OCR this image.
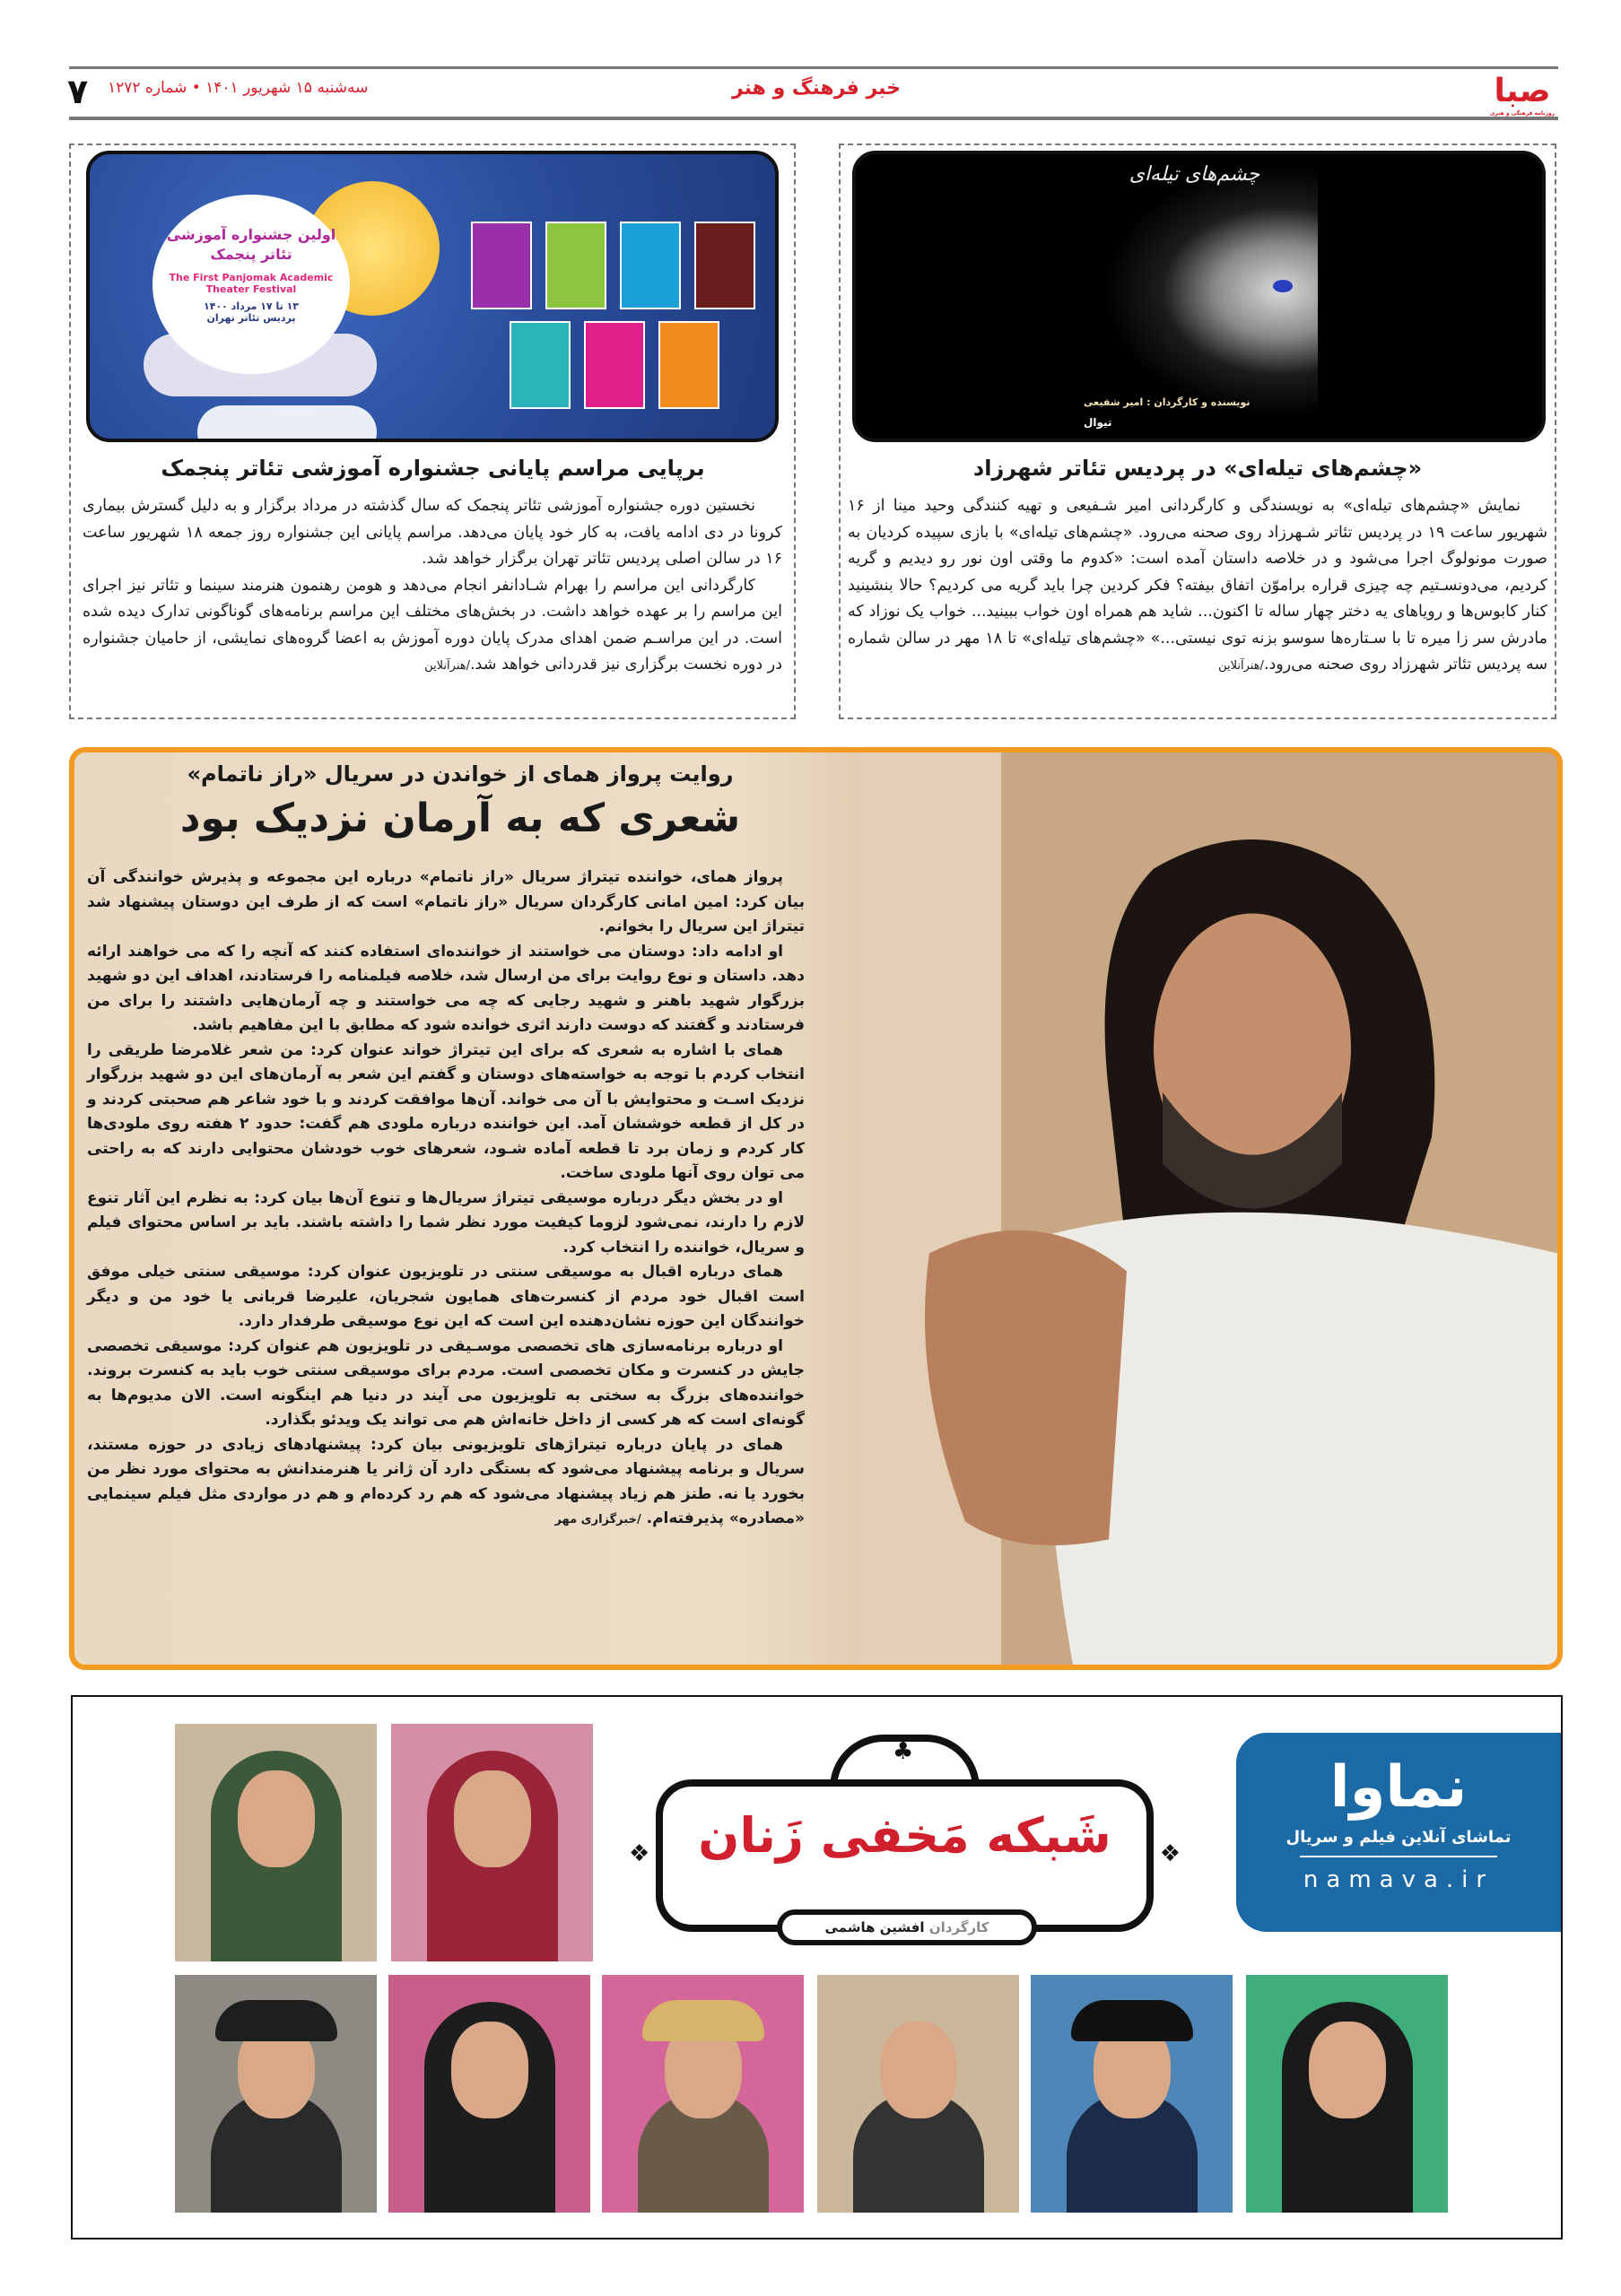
صبا
روزنامه فرهنگی و هنری
خبر فرهنگ و هنر
سه‌شنبه ۱۵ شهریور ۱۴۰۱ • شماره ۱۲۷۲
۷
چشم‌های تیله‌ای
نویسنده و کارگردان : امیر شفیعی
تیوال
«چشم‌های تیله‌ای» در پردیس تئاتر شهرزاد

نمایش «چشم‌های تیله‌ای» به نویسندگی و کارگردانی امیر شـفیعی و تهیه کنندگی وحید مینا از ۱۶ شهریور ساعت ۱۹ در پردیس تئاتر شـهرزاد روی صحنه می‌رود. «چشم‌های تیله‌ای» با بازی سپیده کردیان به صورت مونولوگ اجرا می‌شود و در خلاصه داستان آمده است: «کدوم ما وقتی اون نور رو دیدیم و گریه کردیم، می‌دونسـتیم چه چیزی قراره براموّن اتفاق بیفته؟ فکر کردین چرا باید گریه می کردیم؟ حالا بنشینید کنار کابوس‌ها و رویاهای یه دختر چهار ساله تا اکنون... شاید هم همراه اون خواب ببینید... خواب یک نوزاد که مادرش سر زا میره تا با سـتاره‌ها سوسو بزنه توی نیستی...» «چشم‌های تیله‌ای» تا ۱۸ مهر در سالن شماره سه پردیس تئاتر شهرزاد روی صحنه می‌رود./هنرآنلاین

اولین جشنواره آموزشی تئاتر پنجمک
The First Panjomak Academic Theater Festival
۱۳ تا ۱۷ مرداد ۱۴۰۰
پردیس تئاتر تهران
برپایی مراسم پایانی جشنواره آموزشی تئاتر پنجمک

نخستین دوره جشنواره آموزشی تئاتر پنجمک که سال گذشته در مرداد برگزار و به دلیل گسترش بیماری کرونا در دی ادامه یافت، به کار خود پایان می‌دهد. مراسم پایانی این جشنواره روز جمعه ۱۸ شهریور ساعت ۱۶ در سالن اصلی پردیس تئاتر تهران برگزار خواهد شد.

کارگردانی این مراسم را بهرام شـادانفر انجام می‌دهد و هومن رهنمون هنرمند سینما و تئاتر نیز اجرای این مراسم را بر عهده خواهد داشت. در بخش‌های مختلف این مراسم برنامه‌های گوناگونی تدارک دیده شده است. در این مراسـم ضمن اهدای مدرک پایان دوره آموزش به اعضا گروه‌های نمایشی، از حامیان جشنواره در دوره نخست برگزاری نیز قدردانی خواهد شد./هنرآنلاین

روایت پرواز همای از خواندن در سریال «راز ناتمام»
شعری که به آرمان نزدیک بود

پرواز همای، خواننده تیتراژ سریال «راز ناتمام» درباره این مجموعه و پذیرش خوانندگی آن بیان کرد: امین امانی کارگردان سریال «راز ناتمام» است که از طرف این دوستان پیشنهاد شد تیتراژ این سریال را بخوانم.

او ادامه داد: دوستان می خواستند از خواننده‌ای استفاده کنند که آنچه را که می خواهند ارائه دهد. داستان و نوع روایت برای من ارسال شد، خلاصه فیلمنامه را فرستادند، اهداف این دو شهید بزرگوار شهید باهنر و شهید رجایی که چه می خواستند و چه آرمان‌هایی داشتند را برای من فرستادند و گفتند که دوست دارند اثری خوانده شود که مطابق با این مفاهیم باشد.

همای با اشاره به شعری که برای این تیتراژ خواند عنوان کرد: من شعر غلامرضا طریقی را انتخاب کردم با توجه به خواسته‌های دوستان و گفتم این شعر به آرمان‌های این دو شهید بزرگوار نزدیک اسـت و محتوایش با آن می خواند. آن‌ها موافقت کردند و با خود شاعر هم صحبتی کردند و در کل از قطعه خوششان آمد. این خواننده درباره ملودی هم گفت: حدود ۲ هفته روی ملودی‌ها کار کردم و زمان برد تا قطعه آماده شـود، شعرهای خوب خودشان محتوایی دارند که به راحتی می توان روی آنها ملودی ساخت.

او در بخش دیگر درباره موسیقی تیتراژ سریال‌ها و تنوع آن‌ها بیان کرد: به نظرم این آثار تنوع لازم را دارند، نمی‌شود لزوما کیفیت مورد نظر شما را داشته باشند. باید بر اساس محتوای فیلم و سریال، خواننده را انتخاب کرد.

همای درباره اقبال به موسیقی سنتی در تلویزیون عنوان کرد: موسیقی سنتی خیلی موفق است اقبال خود مردم از کنسرت‌های همایون شجریان، علیرضا قربانی یا خود من و دیگر خوانندگان این حوزه نشان‌دهنده این است که این نوع موسیقی طرفدار دارد.

او درباره برنامه‌سازی های تخصصی موسـیقی در تلویزیون هم عنوان کرد: موسیقی تخصصی جایش در کنسرت و مکان تخصصی است. مردم برای موسیقی سنتی خوب باید به کنسرت بروند. خواننده‌های بزرگ به سختی به تلویزیون می آیند در دنیا هم اینگونه است. الان مدیوم‌ها به گونه‌ای است که هر کسی از داخل خانه‌اش هم می تواند یک ویدئو بگذارد.

همای در پایان درباره تیتراژهای تلویزیونی بیان کرد: پیشنهادهای زیادی در حوزه مستند، سریال و برنامه پیشنهاد می‌شود که بستگی دارد آن ژانر یا هنرمندانش به محتوای مورد نظر من بخورد یا نه. طنز هم زیاد پیشنهاد می‌شود که هم رد کرده‌ام و هم در مواردی مثل فیلم سینمایی «مصادره» پذیرفته‌ام. /خبرگزاری مهر

نماوا
تماشای آنلاین فیلم و سریال
namava.ir
♣
❖	❖
شَبکه مَخفی زَنان
کارگردان افشین هاشمی
